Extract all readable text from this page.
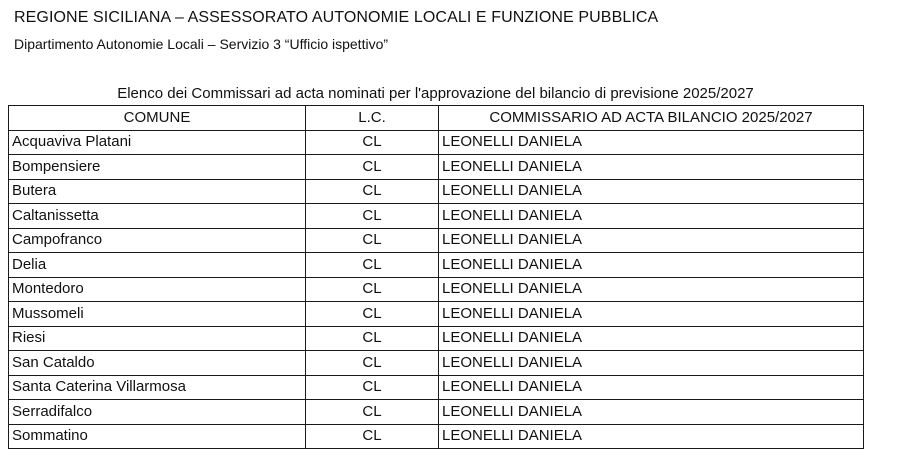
REGIONE SICILIANA – ASSESSORATO AUTONOMIE LOCALI E FUNZIONE PUBBLICA
Dipartimento Autonomie Locali – Servizio 3 “Ufficio ispettivo”
Elenco dei Commissari ad acta nominati per l'approvazione del bilancio di previsione 2025/2027
COMUNE	L.C.	COMMISSARIO AD ACTA BILANCIO 2025/2027
Acquaviva Platani	CL	LEONELLI DANIELA
Bompensiere	CL	LEONELLI DANIELA
Butera	CL	LEONELLI DANIELA
Caltanissetta	CL	LEONELLI DANIELA
Campofranco	CL	LEONELLI DANIELA
Delia	CL	LEONELLI DANIELA
Montedoro	CL	LEONELLI DANIELA
Mussomeli	CL	LEONELLI DANIELA
Riesi	CL	LEONELLI DANIELA
San Cataldo	CL	LEONELLI DANIELA
Santa Caterina Villarmosa	CL	LEONELLI DANIELA
Serradifalco	CL	LEONELLI DANIELA
Sommatino	CL	LEONELLI DANIELA
